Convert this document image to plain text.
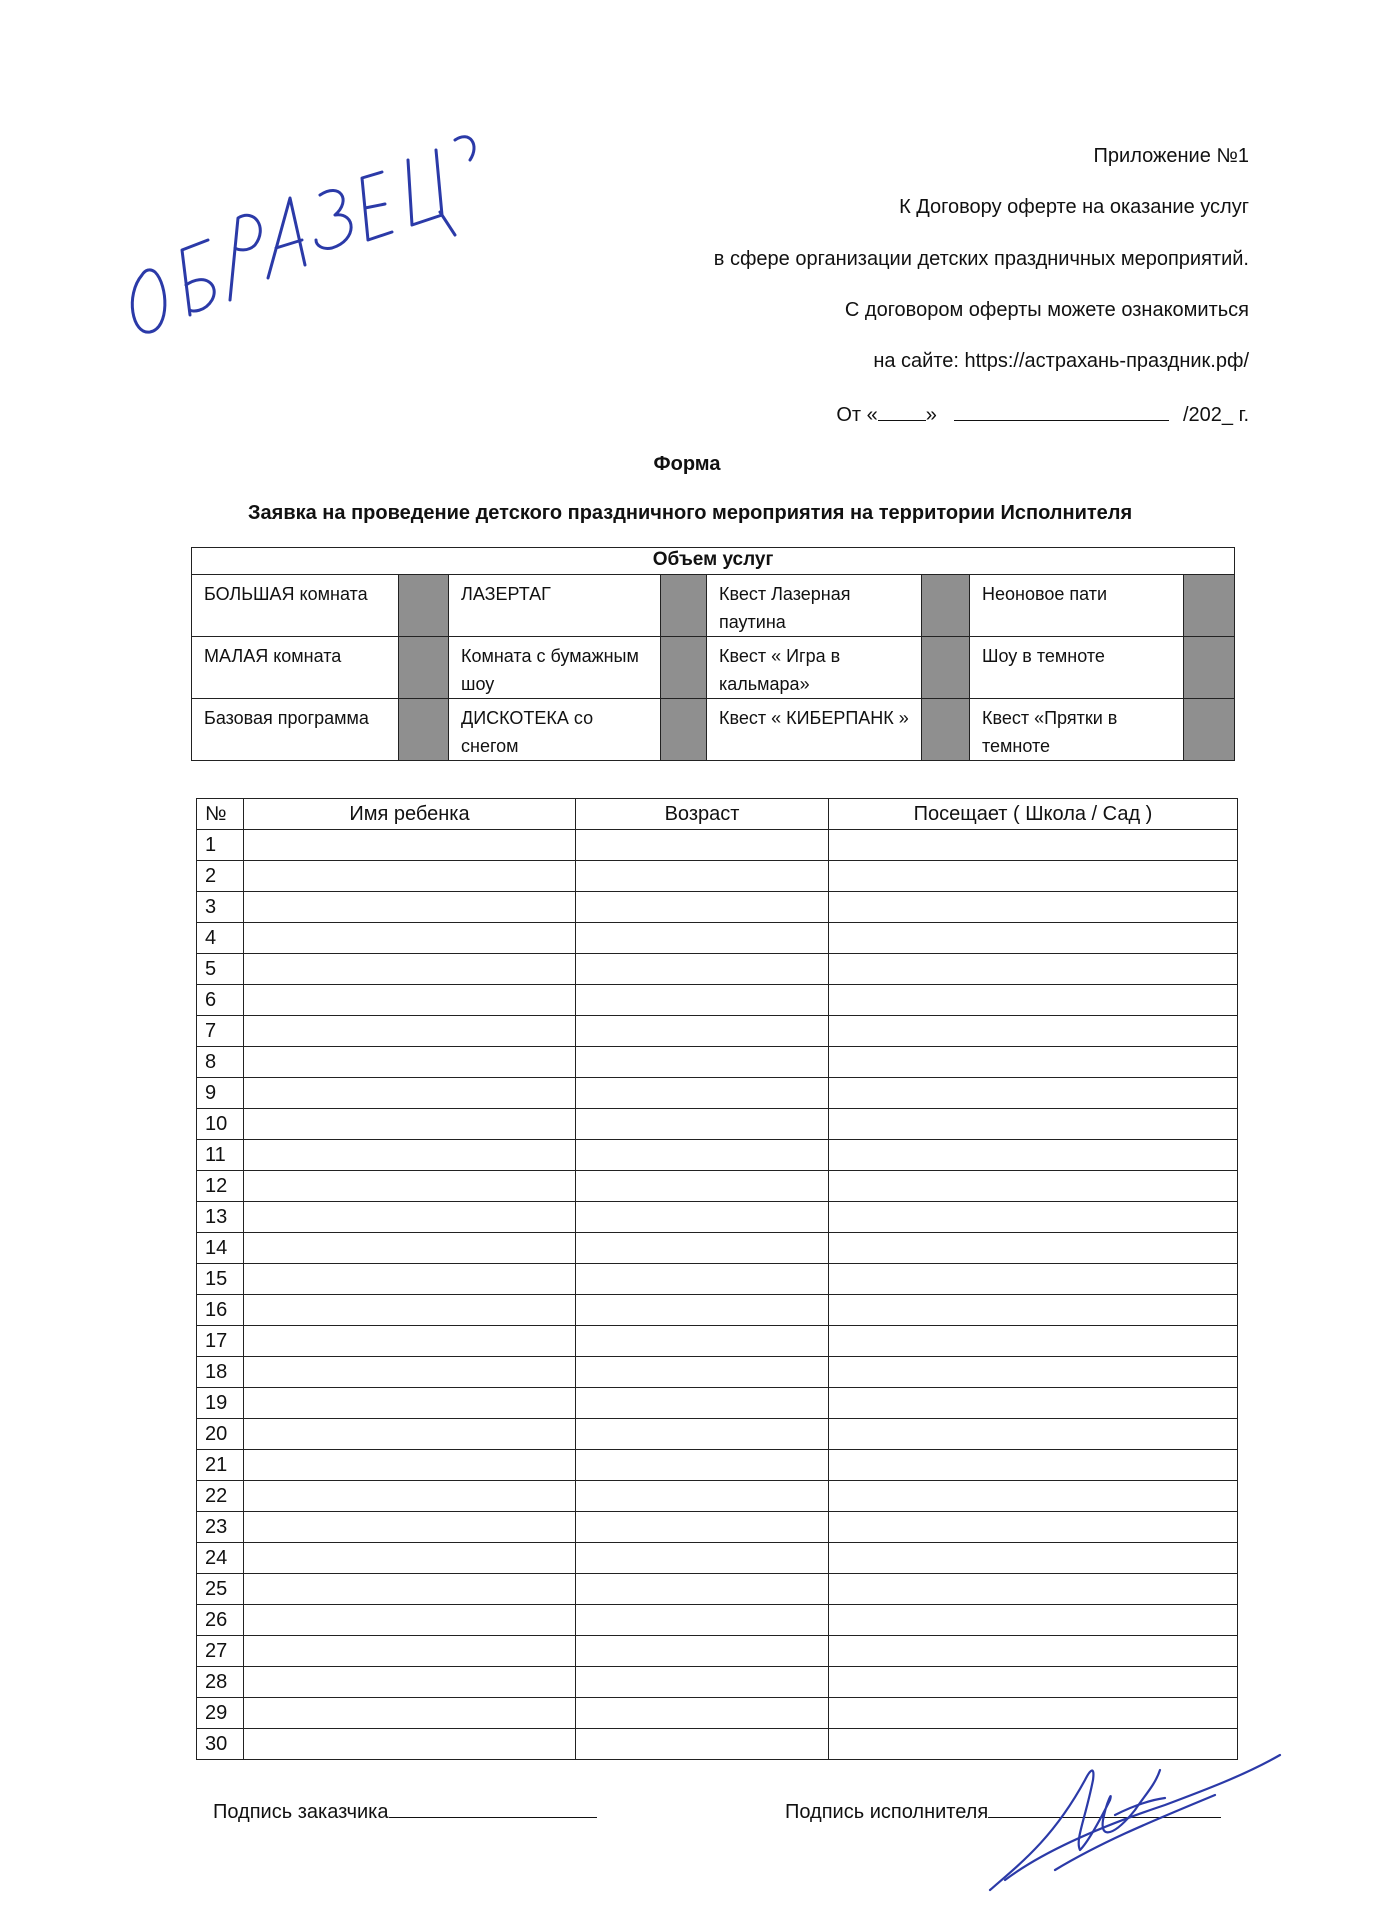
Приложение №1
К Договору оферте на оказание услуг
в сфере организации детских праздничных мероприятий.
С договором оферты можете ознакомиться
на сайте: https://астрахань-праздник.рф/
От « »	/202_ г.
Форма
Заявка на проведение детского праздничного мероприятия на территории Исполнителя
Объем услуг							
БОЛЬШАЯ комната		ЛАЗЕРТАГ		Квест Лазерная паутина		Неоновое пати	
МАЛАЯ комната		Комната с бумажным шоу		Квест « Игра в кальмара»		Шоу в темноте	
Базовая программа		ДИСКОТЕКА со снегом		Квест « КИБЕРПАНК »		Квест «Прятки в темноте	
№	Имя ребенка	Возраст	Посещает ( Школа / Сад )
1			
2			
3			
4			
5			
6			
7			
8			
9			
10			
11			
12			
13			
14			
15			
16			
17			
18			
19			
20			
21			
22			
23			
24			
25			
26			
27			
28			
29			
30			
Подпись заказчика	Подпись исполнителя
